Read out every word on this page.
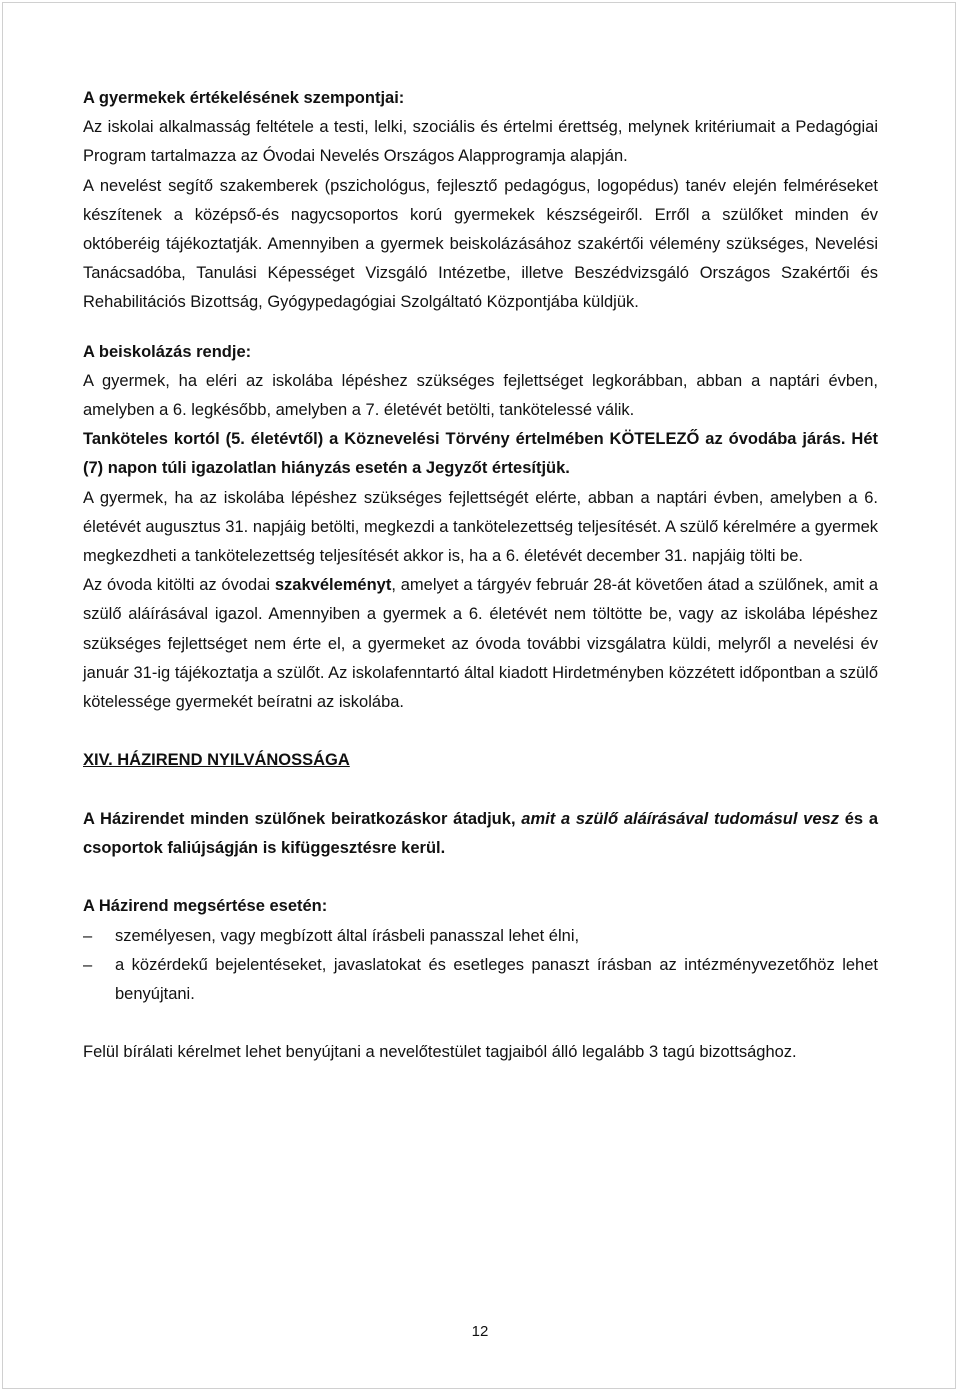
A gyermekek értékelésének szempontjai:

Az iskolai alkalmasság feltétele a testi, lelki, szociális és értelmi érettség, melynek kritériumait a Pedagógiai Program tartalmazza az Óvodai Nevelés Országos Alapprogramja alapján.

A nevelést segítő szakemberek (pszichológus, fejlesztő pedagógus, logopédus) tanév elején felméréseket készítenek a középső-és nagycsoportos korú gyermekek készségeiről. Erről a szülőket minden év októberéig tájékoztatják. Amennyiben a gyermek beiskolázásához szakértői vélemény szükséges, Nevelési Tanácsadóba, Tanulási Képességet Vizsgáló Intézetbe, illetve Beszédvizsgáló Országos Szakértői és Rehabilitációs Bizottság, Gyógypedagógiai Szolgáltató Központjába küldjük.

A beiskolázás rendje:

A gyermek, ha eléri az iskolába lépéshez szükséges fejlettséget legkorábban, abban a naptári évben, amelyben a 6. legkésőbb, amelyben a 7. életévét betölti, tankötelessé válik.

Tanköteles kortól (5. életévtől) a Köznevelési Törvény értelmében KÖTELEZŐ az óvodába járás. Hét (7) napon túli igazolatlan hiányzás esetén a Jegyzőt értesítjük.

A gyermek, ha az iskolába lépéshez szükséges fejlettségét elérte, abban a naptári évben, amelyben a 6. életévét augusztus 31. napjáig betölti, megkezdi a tankötelezettség teljesítését. A szülő kérelmére a gyermek megkezdheti a tankötelezettség teljesítését akkor is, ha a 6. életévét december 31. napjáig tölti be.

Az óvoda kitölti az óvodai szakvéleményt, amelyet a tárgyév február 28-át követően átad a szülőnek, amit a szülő aláírásával igazol. Amennyiben a gyermek a 6. életévét nem töltötte be, vagy az iskolába lépéshez szükséges fejlettséget nem érte el, a gyermeket az óvoda további vizsgálatra küldi, melyről a nevelési év január 31-ig tájékoztatja a szülőt. Az iskolafenntartó által kiadott Hirdetményben közzétett időpontban a szülő kötelessége gyermekét beíratni az iskolába.

XIV. HÁZIREND NYILVÁNOSSÁGA

A Házirendet minden szülőnek beiratkozáskor átadjuk, amit a szülő aláírásával tudomásul vesz és a csoportok faliújságján is kifüggesztésre kerül.

A Házirend megsértése esetén:

– személyesen, vagy megbízott által írásbeli panasszal lehet élni,
– a közérdekű bejelentéseket, javaslatokat és esetleges panaszt írásban az intézményvezetőhöz lehet benyújtani.

Felül bírálati kérelmet lehet benyújtani a nevelőtestület tagjaiból álló legalább 3 tagú bizottsághoz.

12
